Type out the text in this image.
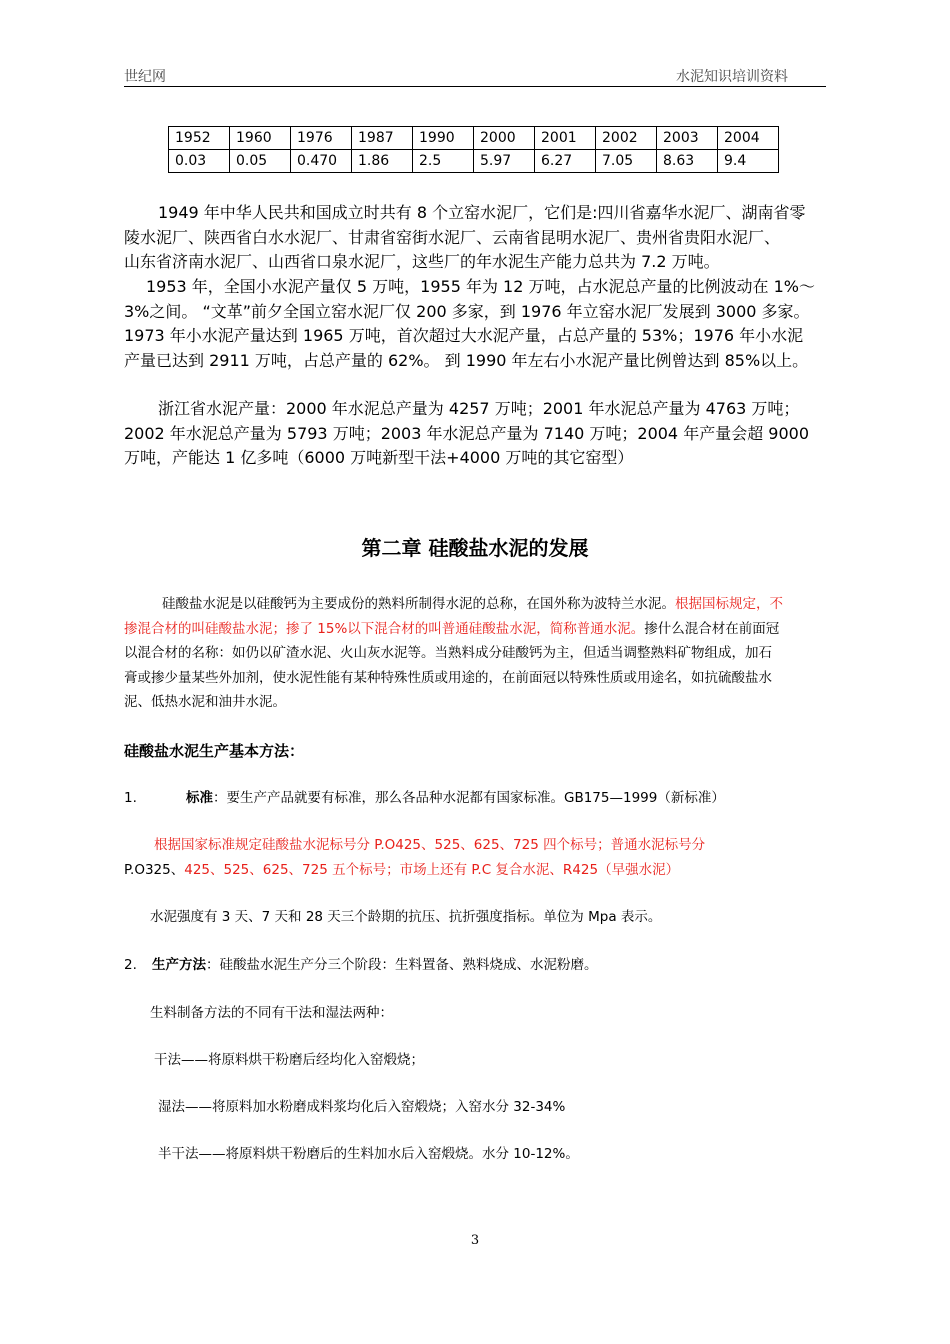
世纪网	水泥知识培训资料
1952	1960	1976	1987	1990	2000	2001	2002	2003	2004
0.03	0.05	0.470	1.86	2.5	5.97	6.27	7.05	8.63	9.4
1949 年中华人民共和国成立时共有 8 个立窑水泥厂，它们是:四川省嘉华水泥厂、湖南省零
陵水泥厂、陕西省白水水泥厂、甘肃省窑街水泥厂、云南省昆明水泥厂、贵州省贵阳水泥厂、
山东省济南水泥厂、山西省口泉水泥厂，这些厂的年水泥生产能力总共为 7.2 万吨。
1953 年，全国小水泥产量仅 5 万吨，1955 年为 12 万吨，占水泥总产量的比例波动在 1%～
3%之间。 “文革”前夕全国立窑水泥厂仅 200 多家，到 1976 年立窑水泥厂发展到 3000 多家。
1973 年小水泥产量达到 1965 万吨，首次超过大水泥产量，占总产量的 53%；1976 年小水泥
产量已达到 2911 万吨，占总产量的 62%。 到 1990 年左右小水泥产量比例曾达到 85%以上。
浙江省水泥产量：2000 年水泥总产量为 4257 万吨；2001 年水泥总产量为 4763 万吨；
2002 年水泥总产量为 5793 万吨；2003 年水泥总产量为 7140 万吨；2004 年产量会超 9000
万吨，产能达 1 亿多吨（6000 万吨新型干法+4000 万吨的其它窑型）
第二章 硅酸盐水泥的发展
硅酸盐水泥是以硅酸钙为主要成份的熟料所制得水泥的总称，在国外称为波特兰水泥。根据国标规定，不
掺混合材的叫硅酸盐水泥；掺了 15%以下混合材的叫普通硅酸盐水泥，简称普通水泥。掺什么混合材在前面冠
以混合材的名称：如仍以矿渣水泥、火山灰水泥等。当熟料成分硅酸钙为主，但适当调整熟料矿物组成，加石
膏或掺少量某些外加剂，使水泥性能有某种特殊性质或用途的，在前面冠以特殊性质或用途名，如抗硫酸盐水
泥、低热水泥和油井水泥。
硅酸盐水泥生产基本方法：
1.	标准：要生产产品就要有标准，那么各品种水泥都有国家标准。GB175—1999（新标准）
根据国家标准规定硅酸盐水泥标号分 P.O425、525、625、725 四个标号；普通水泥标号分
P.O325、425、525、625、725 五个标号；市场上还有 P.C 复合水泥、R425（早强水泥）
水泥强度有 3 天、7 天和 28 天三个龄期的抗压、抗折强度指标。单位为 Mpa 表示。
2. 生产方法：硅酸盐水泥生产分三个阶段：生料置备、熟料烧成、水泥粉磨。
生料制备方法的不同有干法和湿法两种：
干法——将原料烘干粉磨后经均化入窑煅烧；
湿法——将原料加水粉磨成料浆均化后入窑煅烧；入窑水分 32-34%
半干法——将原料烘干粉磨后的生料加水后入窑煅烧。水分 10-12%。
3
